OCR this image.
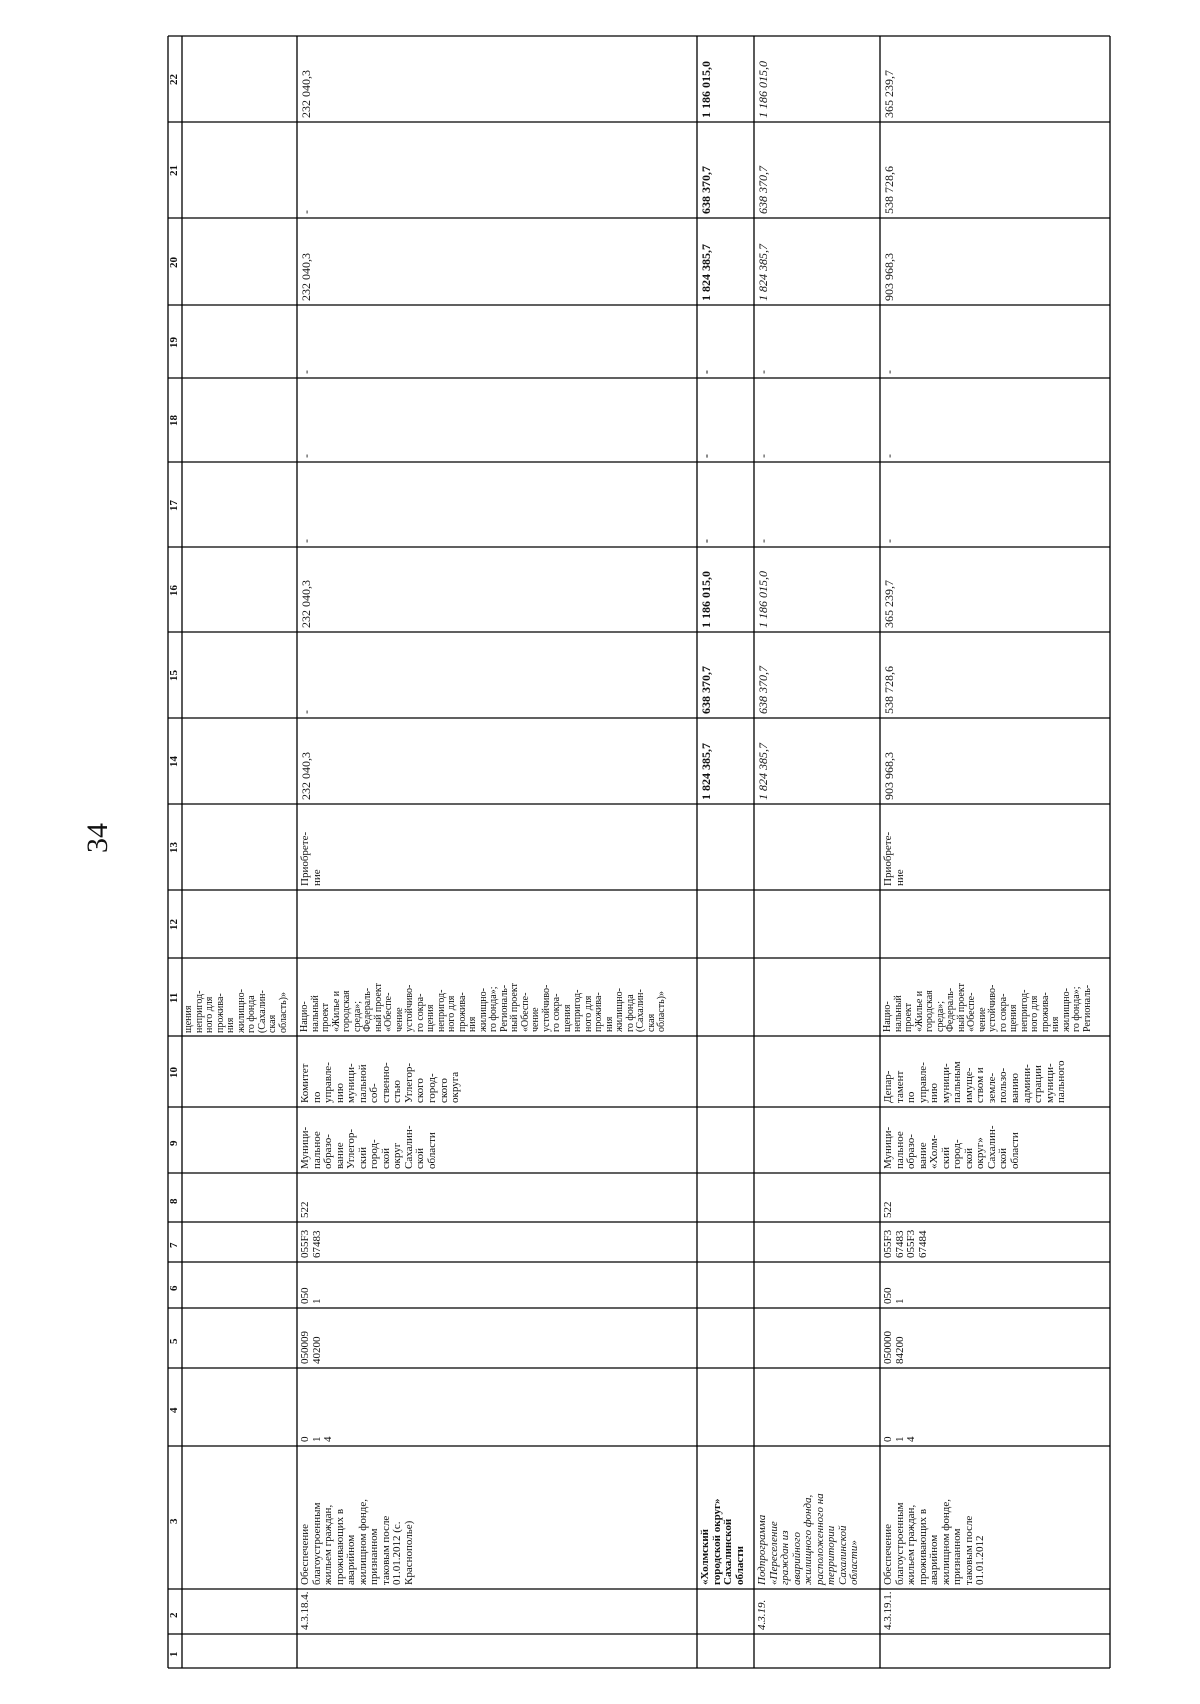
34
1
2
3
4
5
6
7
8
9
10
11
12
13
14
15
16
17
18
19
20
21
22
щения непригод- ного для прожива- ния жилищно- го фонда (Сахалин- ская область)»
4.3.18.4.
Обеспечение благоустроенным жильем граждан, проживающих в аварийном жилищном фонде, признанном таковым после 01.01.2012 (с. Краснополье)
0 1 4
050009 40200
050 1
055F3 67483
Муници- пальное образо- вание Углегор- ский город- ской округ Сахалин- ской области
Комитет по управле- нию муници- пальной соб- ственно- стью Углегор- ского город- ского округа
Нацио- нальный проект «Жилье и городская среда»; Федераль- ный проект «Обеспе- чение устойчиво- го сокра- щения непригод- ного для прожива- ния жилищно- го фонда»; Региональ- ный проект «Обеспе- чение устойчиво- го сокра- щения непригод- ного для прожива- ния жилищно- го фонда (Сахалин- ская область)»
Приобрете- ние
522
232 040,3
-
232 040,3
-
-
-
232 040,3
-
232 040,3
«Холмский городской округ» Сахалинской области
1 824 385,7
638 370,7
1 186 015,0
-
-
-
1 824 385,7
638 370,7
1 186 015,0
4.3.19.
Подпрограмма «Переселение граждан из аварийного жилищного фонда, расположенного на территории Сахалинской области»
1 824 385,7
638 370,7
1 186 015,0
-
-
-
1 824 385,7
638 370,7
1 186 015,0
4.3.19.1.
Обеспечение благоустроенным жильем граждан, проживающих в аварийном жилищном фонде, признанном таковым после 01.01.2012
0 1 4
050000 84200
050 1
055F3 67483 055F3 67484
Муници- пальное образо- вание «Холм- ский город- ской округ» Сахалин- ской области
Депар- тамент по управле- нию муници- пальным имуще- ством и земле- пользо- ванию админи- страции муници- пального
Нацио- нальный проект «Жилье и городская среда»; Федераль- ный проект «Обеспе- чение устойчиво- го сокра- щения непригод- ного для прожива- ния жилищно- го фонда»; Региональ-
Приобрете- ние
522
903 968,3
538 728,6
365 239,7
-
-
-
903 968,3
538 728,6
365 239,7
